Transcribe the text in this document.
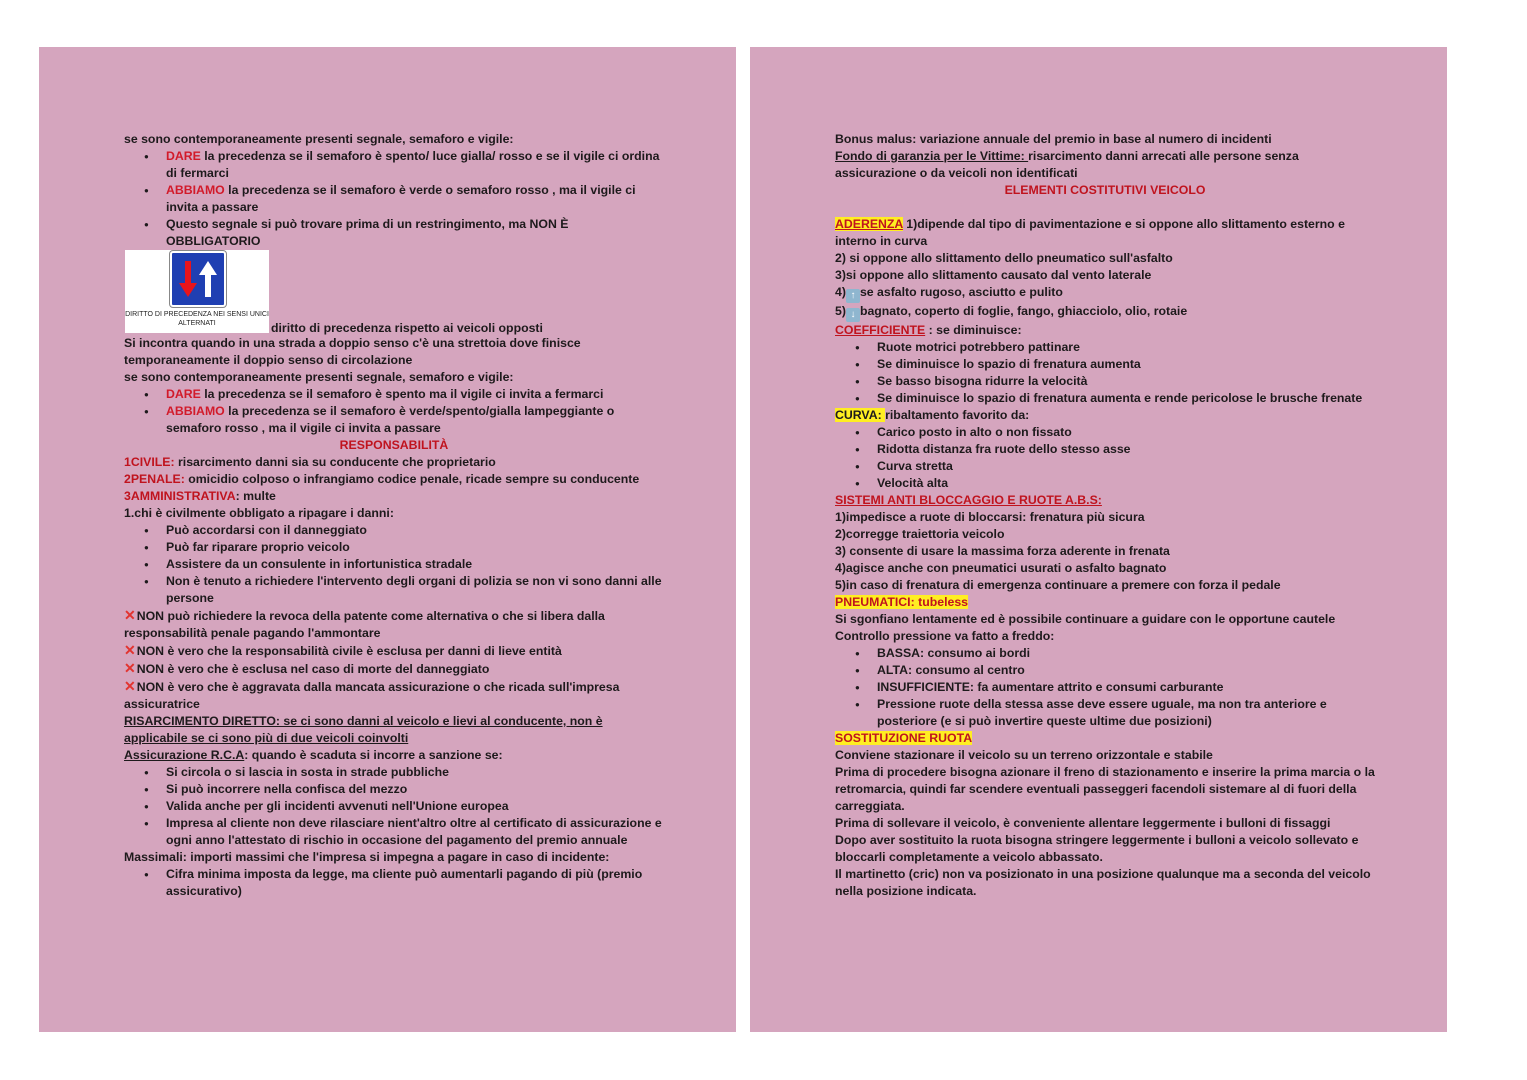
se sono contemporaneamente presenti segnale, semaforo e vigile:
● DARE la precedenza se il semaforo è spento/ luce gialla/ rosso e se il vigile ci ordina di fermarci
● ABBIAMO la precedenza se il semaforo è verde o semaforo rosso , ma il vigile ci invita a passare
● Questo segnale si può trovare prima di un restringimento, ma NON È OBBLIGATORIO
DIRITTO DI PRECEDENZA NEI SENSI UNICI ALTERNATI	diritto di precedenza rispetto ai veicoli opposti
Si incontra quando in una strada a doppio senso c'è una strettoia dove finisce temporaneamente il doppio senso di circolazione
se sono contemporaneamente presenti segnale, semaforo e vigile:
● DARE la precedenza se il semaforo è spento ma il vigile ci invita a fermarci
● ABBIAMO la precedenza se il semaforo è verde/spento/gialla lampeggiante o semaforo rosso , ma il vigile ci invita a passare
RESPONSABILITÀ
1CIVILE: risarcimento danni sia su conducente che proprietario
2PENALE: omicidio colposo o infrangiamo codice penale, ricade sempre su conducente
3AMMINISTRATIVA: multe
1.chi è civilmente obbligato a ripagare i danni:
● Può accordarsi con il danneggiato
● Può far riparare proprio veicolo
● Assistere da un consulente in infortunistica stradale
● Non è tenuto a richiedere l'intervento degli organi di polizia se non vi sono danni alle persone
✕NON può richiedere la revoca della patente come alternativa o che si libera dalla responsabilità penale pagando l'ammontare
✕NON è vero che la responsabilità civile è esclusa per danni di lieve entità
✕NON è vero che è esclusa nel caso di morte del danneggiato
✕NON è vero che è aggravata dalla mancata assicurazione o che ricada sull'impresa assicuratrice
RISARCIMENTO DIRETTO: se ci sono danni al veicolo e lievi al conducente, non è applicabile se ci sono più di due veicoli coinvolti
Assicurazione R.C.A: quando è scaduta si incorre a sanzione se:
● Si circola o si lascia in sosta in strade pubbliche
● Si può incorrere nella confisca del mezzo
● Valida anche per gli incidenti avvenuti nell'Unione europea
● Impresa al cliente non deve rilasciare nient'altro oltre al certificato di assicurazione e ogni anno l'attestato di rischio in occasione del pagamento del premio annuale
Massimali: importi massimi che l'impresa si impegna a pagare in caso di incidente:
● Cifra minima imposta da legge, ma cliente può aumentarli pagando di più (premio assicurativo)
Bonus malus: variazione annuale del premio in base al numero di incidenti
Fondo di garanzia per le Vittime: risarcimento danni arrecati alle persone senza assicurazione o da veicoli non identificati
ELEMENTI COSTITUTIVI VEICOLO
ADERENZA 1)dipende dal tipo di pavimentazione e si oppone allo slittamento esterno e interno in curva
2) si oppone allo slittamento dello pneumatico sull'asfalto
3)si oppone allo slittamento causato dal vento laterale
4) ↑ se asfalto rugoso, asciutto e pulito
5) ↓ bagnato, coperto di foglie, fango, ghiacciolo, olio, rotaie
COEFFICIENTE : se diminuisce:
● Ruote motrici potrebbero pattinare
● Se diminuisce lo spazio di frenatura aumenta
● Se basso bisogna ridurre la velocità
● Se diminuisce lo spazio di frenatura aumenta e rende pericolose le brusche frenate
CURVA: ribaltamento favorito da:
● Carico posto in alto o non fissato
● Ridotta distanza fra ruote dello stesso asse
● Curva stretta
● Velocità alta
SISTEMI ANTI BLOCCAGGIO E RUOTE A.B.S:
1)impedisce a ruote di bloccarsi: frenatura più sicura
2)corregge traiettoria veicolo
3) consente di usare la massima forza aderente in frenata
4)agisce anche con pneumatici usurati o asfalto bagnato
5)in caso di frenatura di emergenza continuare a premere con forza il pedale
PNEUMATICI: tubeless
Si sgonfiano lentamente ed è possibile continuare a guidare con le opportune cautele
Controllo pressione va fatto a freddo:
● BASSA: consumo ai bordi
● ALTA: consumo al centro
● INSUFFICIENTE: fa aumentare attrito e consumi carburante
● Pressione ruote della stessa asse deve essere uguale, ma non tra anteriore e posteriore (e si può invertire queste ultime due posizioni)
SOSTITUZIONE RUOTA
Conviene stazionare il veicolo su un terreno orizzontale e stabile
Prima di procedere bisogna azionare il freno di stazionamento e inserire la prima marcia o la retromarcia, quindi far scendere eventuali passeggeri facendoli sistemare al di fuori della carreggiata.
Prima di sollevare il veicolo, è conveniente allentare leggermente i bulloni di fissaggi
Dopo aver sostituito la ruota bisogna stringere leggermente i bulloni a veicolo sollevato e bloccarli completamente a veicolo abbassato.
Il martinetto (cric) non va posizionato in una posizione qualunque ma a seconda del veicolo
nella posizione indicata.
